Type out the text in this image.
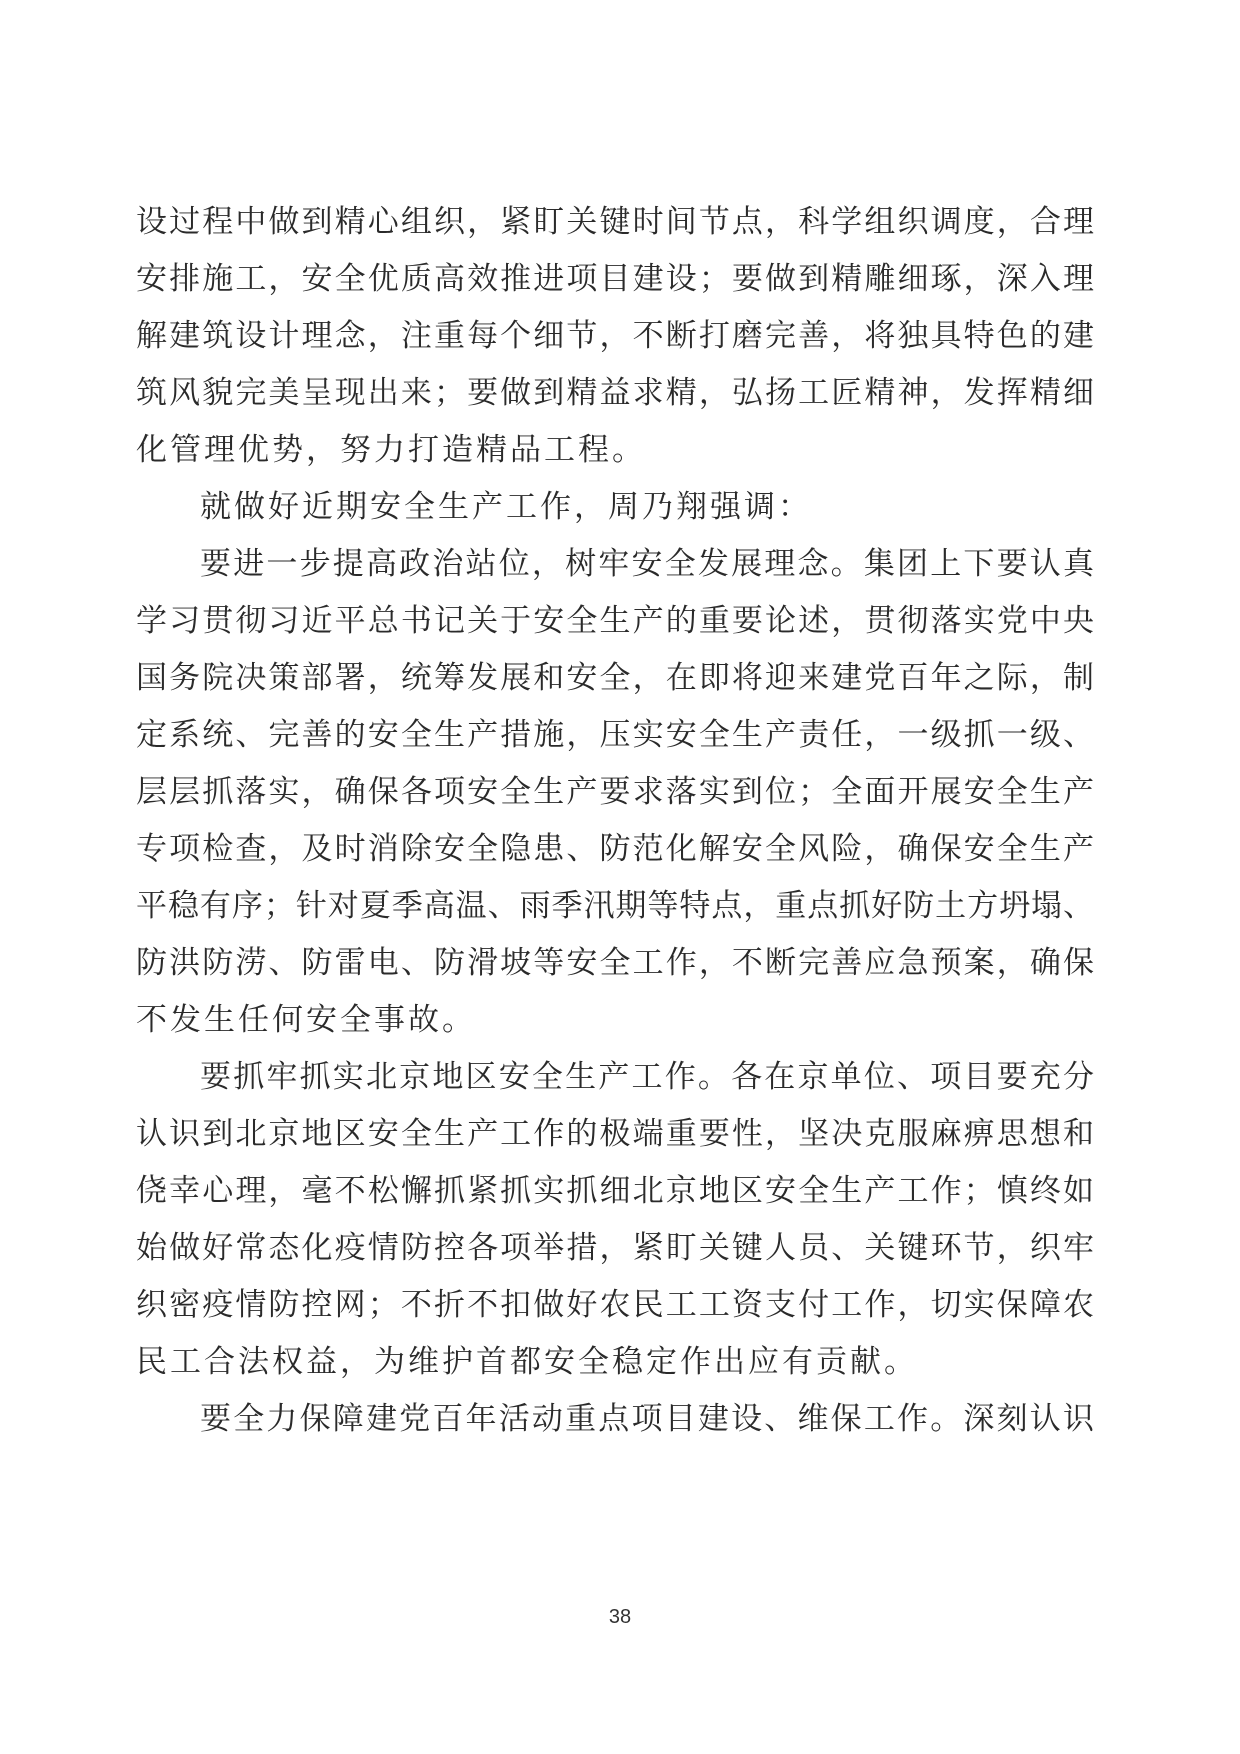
设过程中做到精心组织，紧盯关键时间节点，科学组织调度，合理
安排施工，安全优质高效推进项目建设；要做到精雕细琢，深入理
解建筑设计理念，注重每个细节，不断打磨完善，将独具特色的建
筑风貌完美呈现出来；要做到精益求精，弘扬工匠精神，发挥精细
化管理优势，努力打造精品工程。
就做好近期安全生产工作，周乃翔强调：
要进一步提高政治站位，树牢安全发展理念。集团上下要认真
学习贯彻习近平总书记关于安全生产的重要论述，贯彻落实党中央
国务院决策部署，统筹发展和安全，在即将迎来建党百年之际，制
定系统、完善的安全生产措施，压实安全生产责任，一级抓一级、
层层抓落实，确保各项安全生产要求落实到位；全面开展安全生产
专项检查，及时消除安全隐患、防范化解安全风险，确保安全生产
平稳有序；针对夏季高温、雨季汛期等特点，重点抓好防土方坍塌、
防洪防涝、防雷电、防滑坡等安全工作，不断完善应急预案，确保
不发生任何安全事故。
要抓牢抓实北京地区安全生产工作。各在京单位、项目要充分
认识到北京地区安全生产工作的极端重要性，坚决克服麻痹思想和
侥幸心理，毫不松懈抓紧抓实抓细北京地区安全生产工作；慎终如
始做好常态化疫情防控各项举措，紧盯关键人员、关键环节，织牢
织密疫情防控网；不折不扣做好农民工工资支付工作，切实保障农
民工合法权益，为维护首都安全稳定作出应有贡献。
要全力保障建党百年活动重点项目建设、维保工作。深刻认识
38
